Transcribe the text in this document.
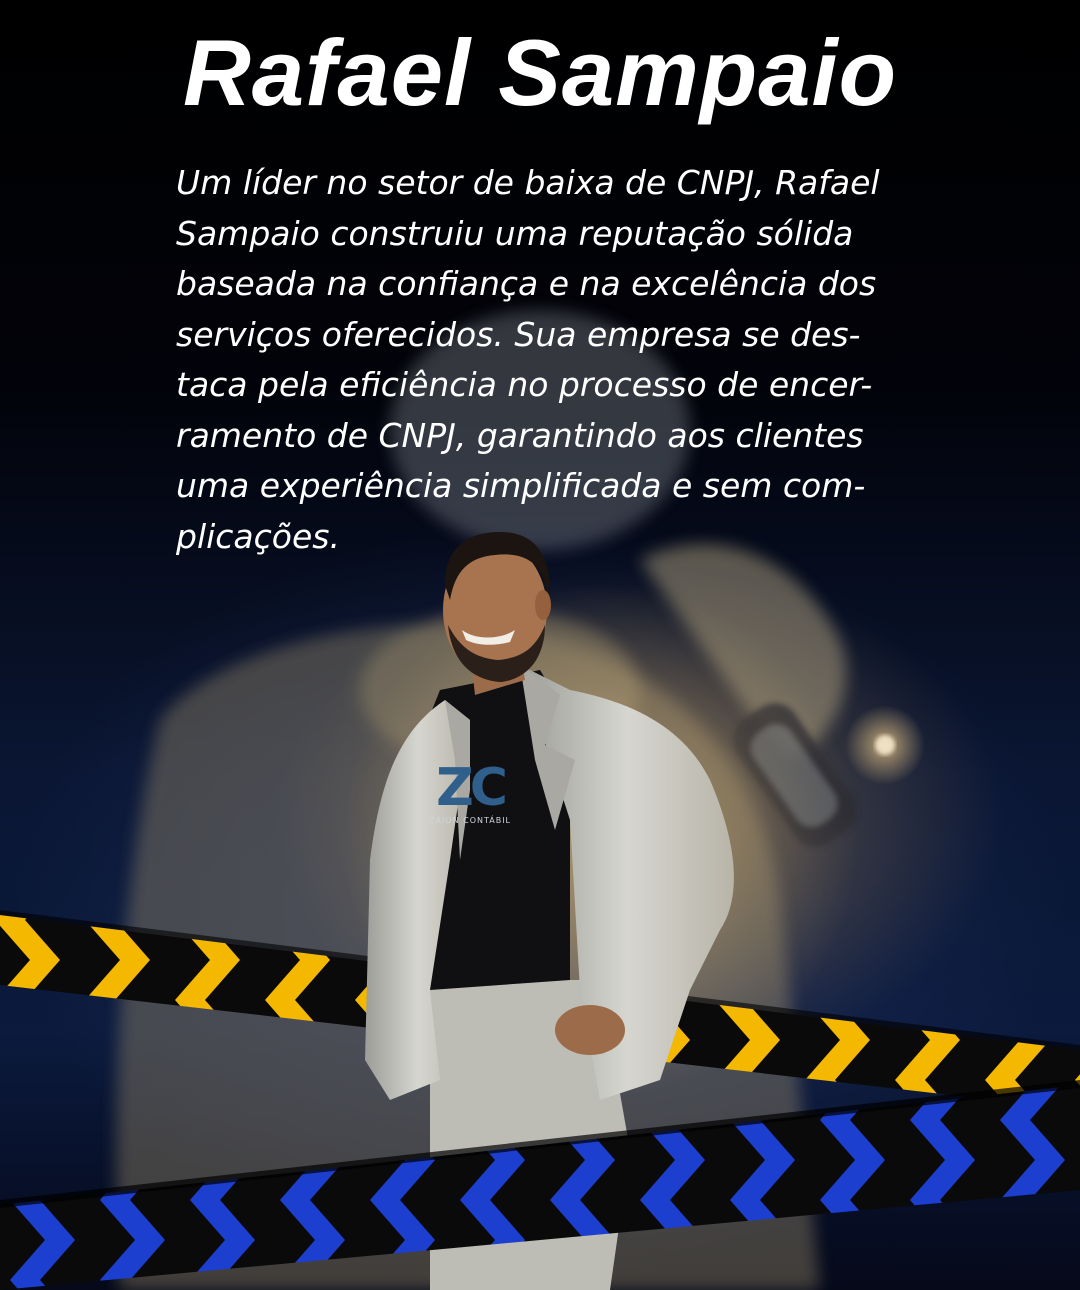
ZC
ZAION CONTÁBIL
Rafael Sampaio

Um líder no setor de baixa de CNPJ, Rafael
Sampaio construiu uma reputação sólida
baseada na confiança e na excelência dos
serviços oferecidos. Sua empresa se des-
taca pela eficiência no processo de encer-
ramento de CNPJ, garantindo aos clientes
uma experiência simplificada e sem com-
plicações.
